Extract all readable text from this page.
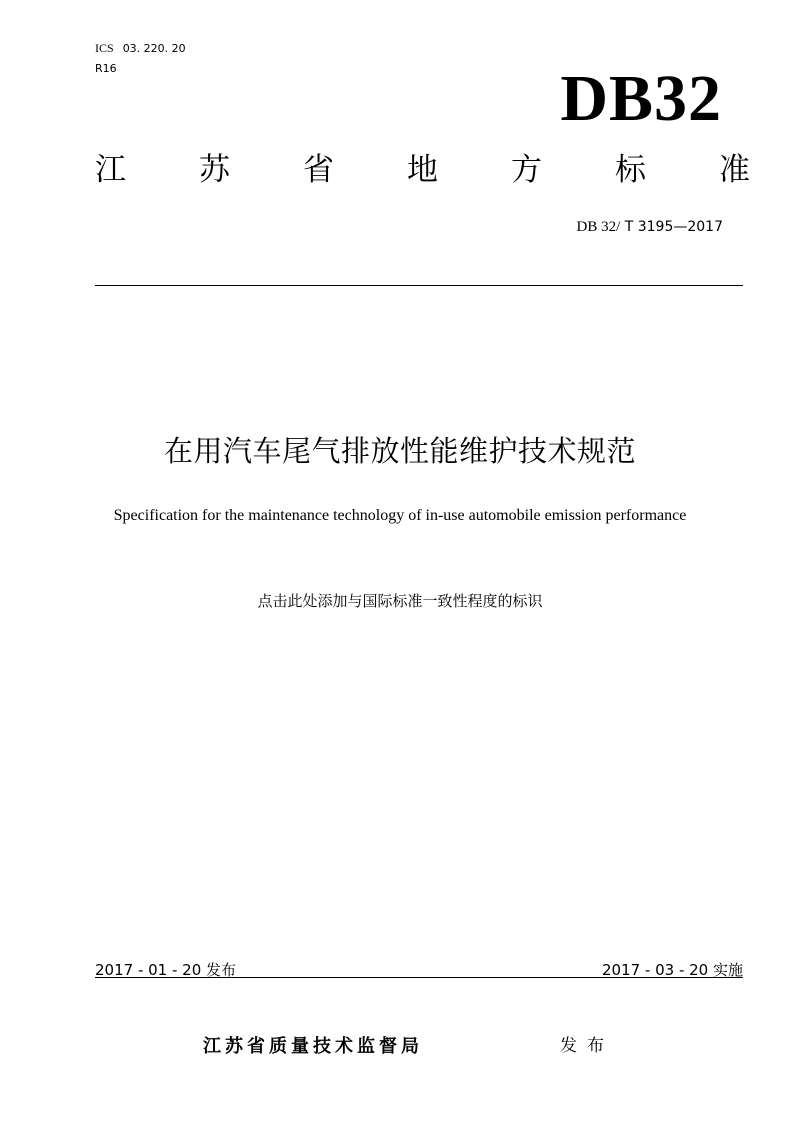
ICS 03. 220. 20
R16	DB32
江 苏 省 地 方 标 准
DB 32/ T 3195—2017
在用汽车尾气排放性能维护技术规范
Specification for the maintenance technology of in-use automobile emission performance
点击此处添加与国际标准一致性程度的标识
2017 - 01 - 20 发布	2017 - 03 - 20 实施
江苏省质量技术监督局	发布
